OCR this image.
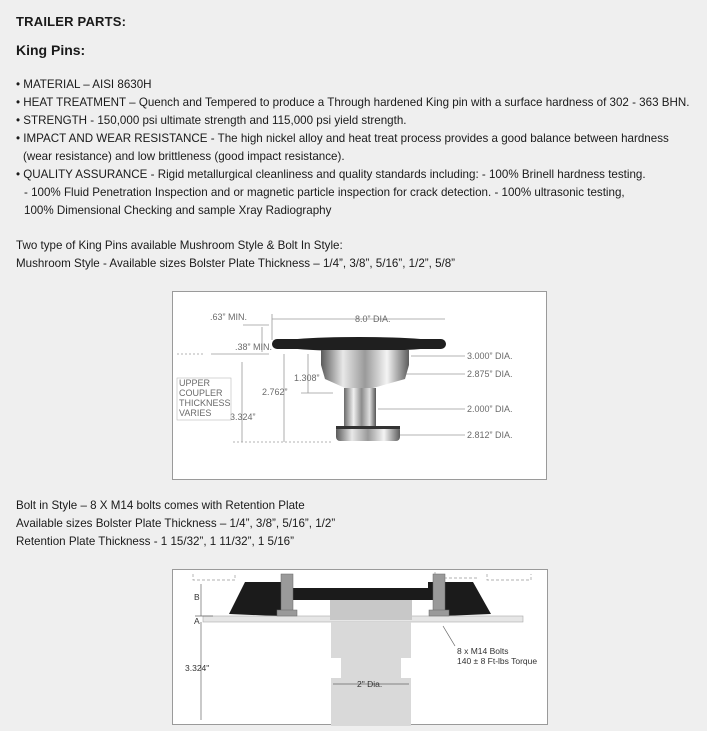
TRAILER PARTS:
King Pins:

• MATERIAL – AISI 8630H

• HEAT TREATMENT – Quench and Tempered to produce a Through hardened King pin with a surface hardness of 302 - 363 BHN.

• STRENGTH - 150,000 psi ultimate strength and 115,000 psi yield strength.

• IMPACT AND WEAR RESISTANCE - The high nickel alloy and heat treat process provides a good balance between hardness

(wear resistance) and low brittleness (good impact resistance).

• QUALITY ASSURANCE - Rigid metallurgical cleanliness and quality standards including: - 100% Brinell hardness testing.

- 100% Fluid Penetration Inspection and or magnetic particle inspection for crack detection. - 100% ultrasonic testing,

100% Dimensional Checking and sample Xray Radiography

Two type of King Pins available Mushroom Style & Bolt In Style:

Mushroom Style - Available sizes Bolster Plate Thickness – 1/4”, 3/8”, 5/16”, 1/2”, 5/8”

Bolt in Style – 8 X M14 bolts comes with Retention Plate

Available sizes Bolster Plate Thickness – 1/4”, 3/8”, 5/16”, 1/2”

Retention Plate Thickness - 1 15/32”, 1 11/32”, 1 5/16”

.63” MIN.	8.0” DIA.
.38” MIN.
3.000” DIA.
2.875” DIA.
1.308”
2.762”
2.000” DIA.
3.324”
2.812” DIA.
UPPER
COUPLER
THICKNESS
VARIES
B
A
3.324"
2" Dia.
8 x M14 Bolts
140 ± 8 Ft-lbs Torque
